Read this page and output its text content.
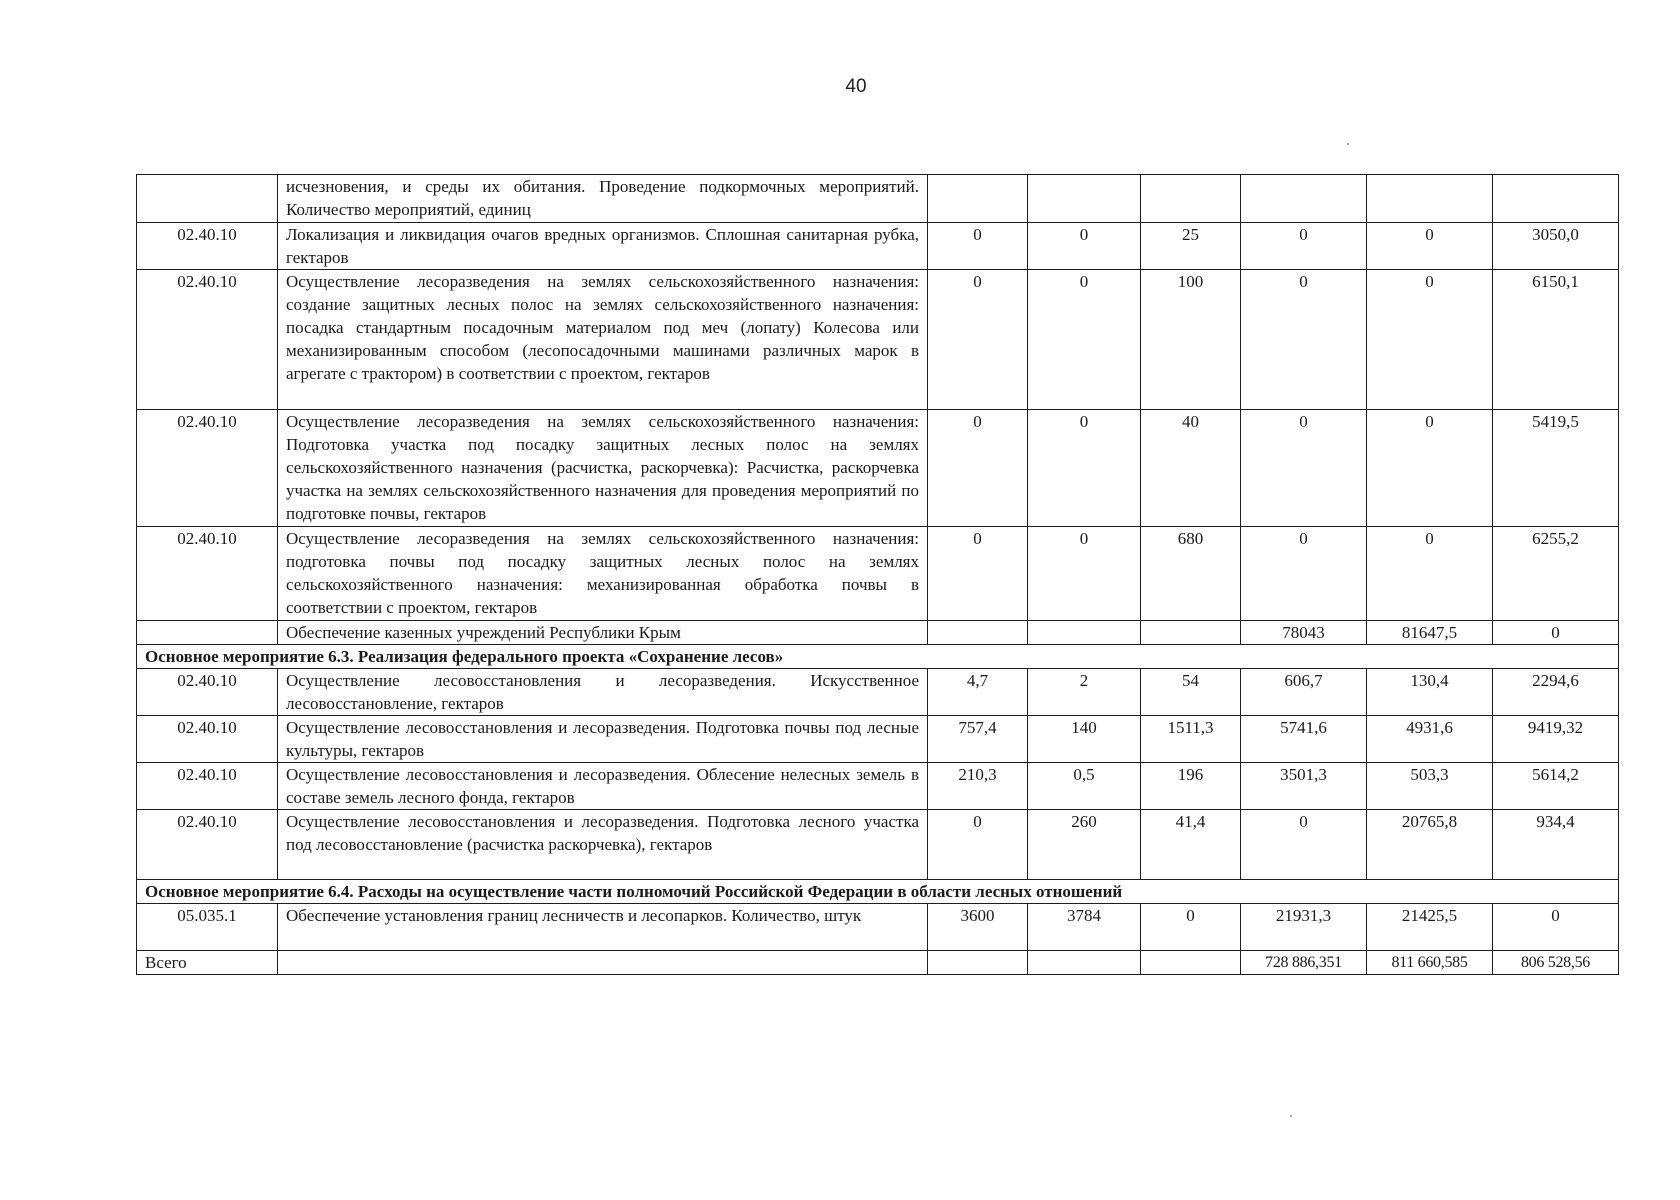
40
	исчезновения, и среды их обитания. Проведение подкормочных мероприятий. Количество мероприятий, единиц						
02.40.10	Локализация и ликвидация очагов вредных организмов. Сплошная санитарная рубка, гектаров	0	0	25	0	0	3050,0
02.40.10	Осуществление лесоразведения на землях сельскохозяйственного назначения: создание защитных лесных полос на землях сельскохозяйственного назначения: посадка стандартным посадочным материалом под меч (лопату) Колесова или механизированным способом (лесопосадочными машинами различных марок в агрегате с трактором) в соответствии с проектом, гектаров	0	0	100	0	0	6150,1
02.40.10	Осуществление лесоразведения на землях сельскохозяйственного назначения: Подготовка участка под посадку защитных лесных полос на землях сельскохозяйственного назначения (расчистка, раскорчевка): Расчистка, раскорчевка участка на землях сельскохозяйственного назначения для проведения мероприятий по подготовке почвы, гектаров	0	0	40	0	0	5419,5
02.40.10	Осуществление лесоразведения на землях сельскохозяйственного назначения: подготовка почвы под посадку защитных лесных полос на землях сельскохозяйственного назначения: механизированная обработка почвы в соответствии с проектом, гектаров	0	0	680	0	0	6255,2
	Обеспечение казенных учреждений Республики Крым				78043	81647,5	0
Основное мероприятие 6.3. Реализация федерального проекта «Сохранение лесов»							
02.40.10	Осуществление лесовосстановления и лесоразведения. Искусственное лесовосстановление, гектаров	4,7	2	54	606,7	130,4	2294,6
02.40.10	Осуществление лесовосстановления и лесоразведения. Подготовка почвы под лесные культуры, гектаров	757,4	140	1511,3	5741,6	4931,6	9419,32
02.40.10	Осуществление лесовосстановления и лесоразведения. Облесение нелесных земель в составе земель лесного фонда, гектаров	210,3	0,5	196	3501,3	503,3	5614,2
02.40.10	Осуществление лесовосстановления и лесоразведения. Подготовка лесного участка под лесовосстановление (расчистка раскорчевка), гектаров	0	260	41,4	0	20765,8	934,4
Основное мероприятие 6.4. Расходы на осуществление части полномочий Российской Федерации в области лесных отношений							
05.035.1	Обеспечение установления границ лесничеств и лесопарков. Количество, штук	3600	3784	0	21931,3	21425,5	0
Всего					728 886,351	811 660,585	806 528,56
